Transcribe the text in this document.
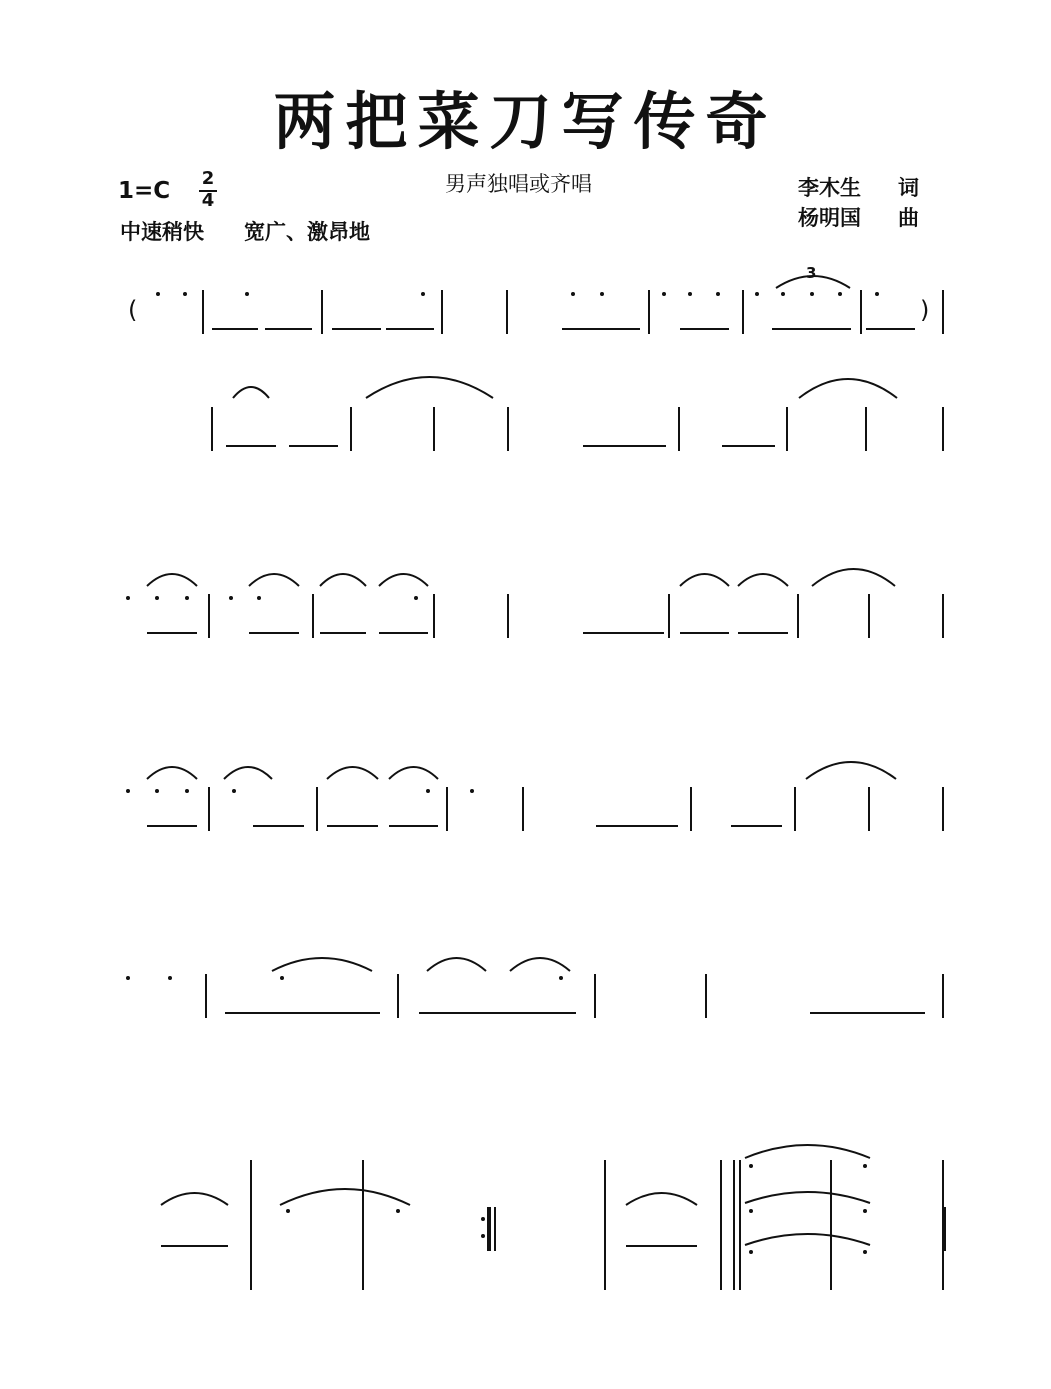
两把菜刀写传奇
1=C 2
4
男声独唱或齐唱
中速稍快 宽广、激昂地
李木生 词
杨明国 曲
(	)
3
